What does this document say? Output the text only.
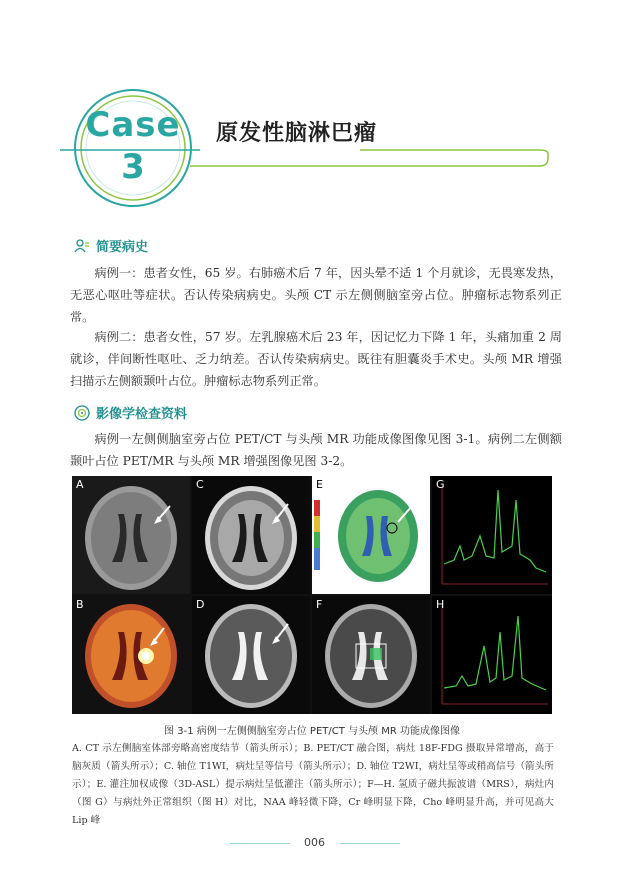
Case
3
原发性脑淋巴瘤
简要病史

病例一：患者女性，65 岁。右肺癌术后 7 年，因头晕不适 1 个月就诊，无畏寒发热，无恶心呕吐等症状。否认传染病病史。头颅 CT 示左侧侧脑室旁占位。肿瘤标志物系列正常。

病例二：患者女性，57 岁。左乳腺癌术后 23 年，因记忆力下降 1 年，头痛加重 2 周就诊，伴间断性呕吐、乏力纳差。否认传染病病史。既往有胆囊炎手术史。头颅 MR 增强扫描示左侧额颞叶占位。肿瘤标志物系列正常。

影像学检查资料

病例一左侧侧脑室旁占位 PET/CT 与头颅 MR 功能成像图像见图 3-1。病例二左侧额颞叶占位 PET/MR 与头颅 MR 增强图像见图 3-2。

A
B
C
D
E
F
G
H
图 3-1 病例一左侧侧脑室旁占位 PET/CT 与头颅 MR 功能成像图像

A. CT 示左侧脑室体部旁略高密度结节（箭头所示）；B. PET/CT 融合图，病灶 18F-FDG 摄取异常增高，高于脑灰质（箭头所示）；C. 轴位 T1WI，病灶呈等信号（箭头所示）；D. 轴位 T2WI，病灶呈等或稍高信号（箭头所示）；E. 灌注加权成像（3D-ASL）提示病灶呈低灌注（箭头所示）；F—H. 氢质子磁共振波谱（MRS），病灶内（图 G）与病灶外正常组织（图 H）对比，NAA 峰轻微下降，Cr 峰明显下降，Cho 峰明显升高，并可见高大 Lip 峰

006
